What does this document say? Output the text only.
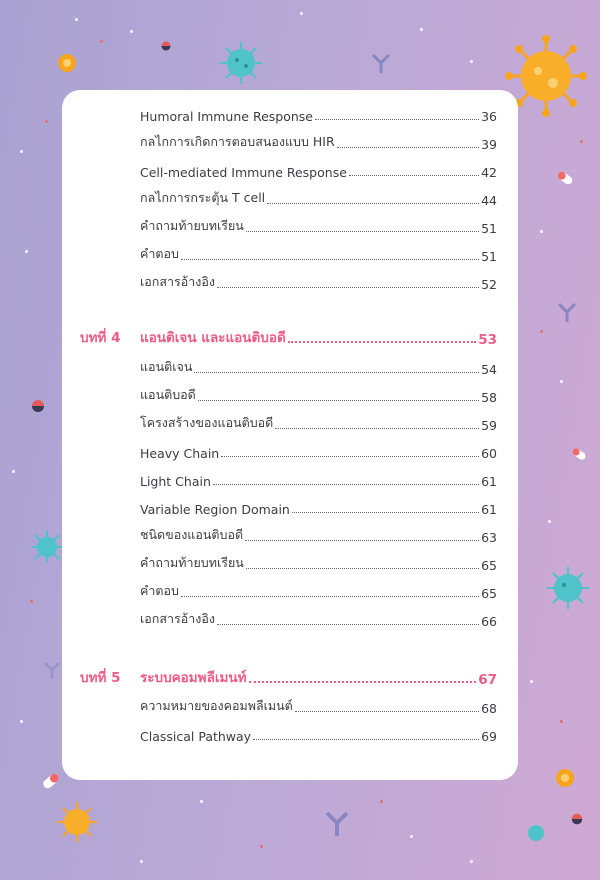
Humoral Immune Response	36
กลไกการเกิดการตอบสนองแบบ HIR	39
Cell-mediated Immune Response	42
กลไกการกระตุ้น T cell	44
คำถามท้ายบทเรียน	51
คำตอบ	51
เอกสารอ้างอิง	52
บทที่ 4	แอนติเจน และแอนติบอดี	53
แอนติเจน	54
แอนติบอดี	58
โครงสร้างของแอนติบอดี	59
Heavy Chain	60
Light Chain	61
Variable Region Domain	61
ชนิดของแอนติบอดี	63
คำถามท้ายบทเรียน	65
คำตอบ	65
เอกสารอ้างอิง	66
บทที่ 5	ระบบคอมพลีเมนท์	67
ความหมายของคอมพลีเมนต์	68
Classical Pathway	69
